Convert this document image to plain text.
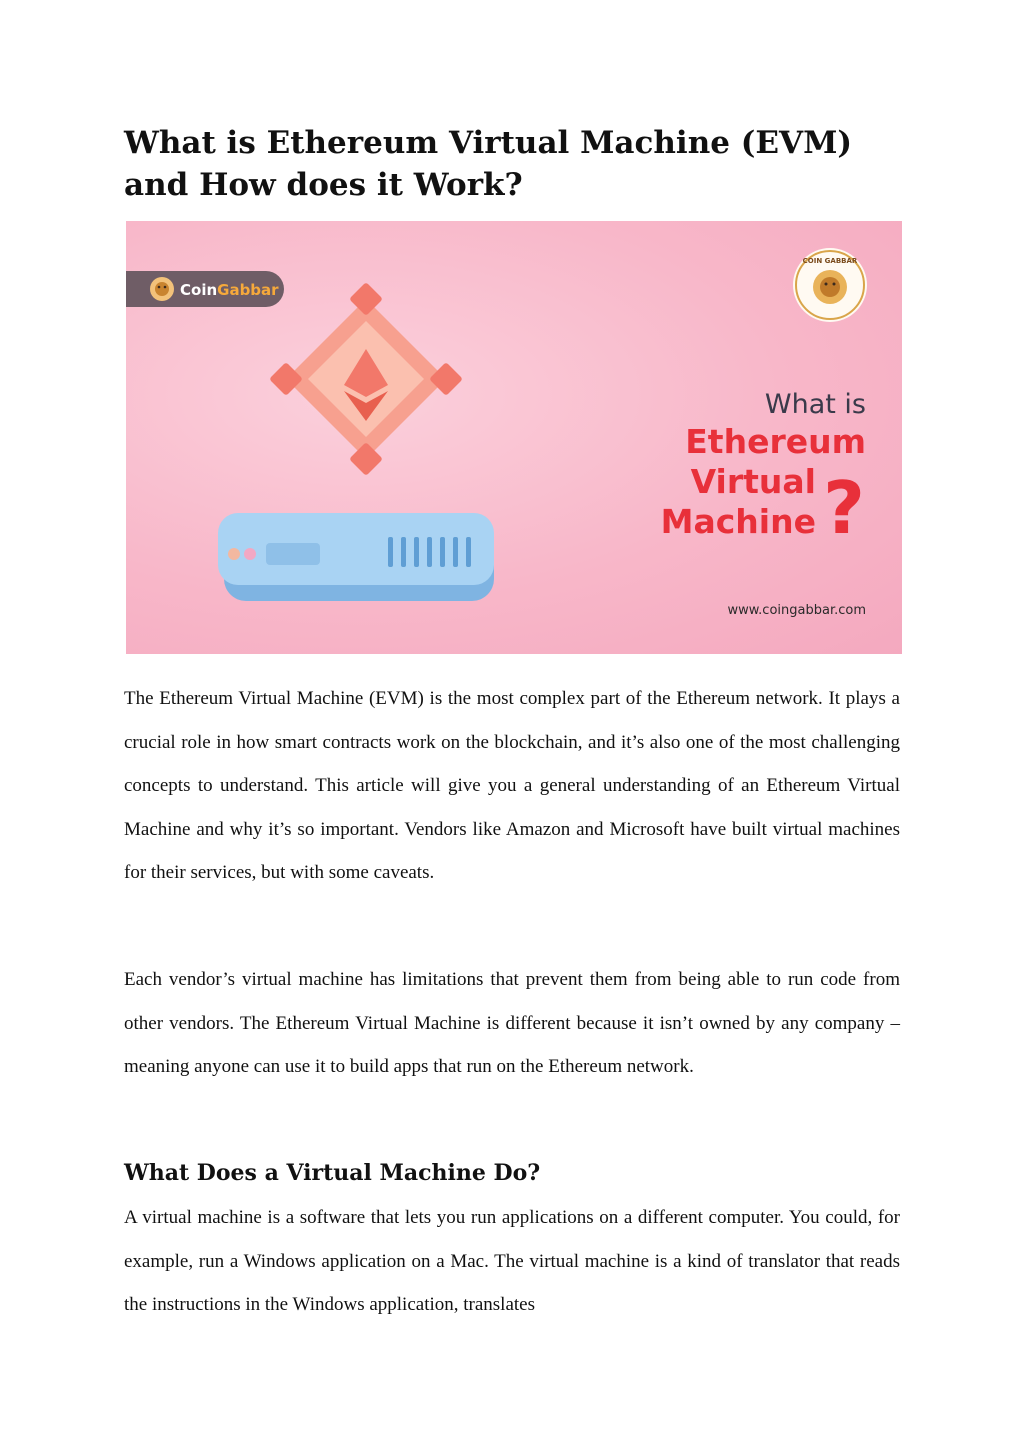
What is Ethereum Virtual Machine (EVM) and How does it Work?
CoinGabbar
COIN GABBAR
What is
Ethereum
Virtual
Machine ?
www.coingabbar.com

The Ethereum Virtual Machine (EVM) is the most complex part of the Ethereum network. It plays a crucial role in how smart contracts work on the blockchain, and it’s also one of the most challenging concepts to understand. This article will give you a general understanding of an Ethereum Virtual Machine and why it’s so important. Vendors like Amazon and Microsoft have built virtual machines for their services, but with some caveats.

Each vendor’s virtual machine has limitations that prevent them from being able to run code from other vendors. The Ethereum Virtual Machine is different because it isn’t owned by any company – meaning anyone can use it to build apps that run on the Ethereum network.

What Does a Virtual Machine Do?

A virtual machine is a software that lets you run applications on a different computer. You could, for example, run a Windows application on a Mac. The virtual machine is a kind of translator that reads the instructions in the Windows application, translates
